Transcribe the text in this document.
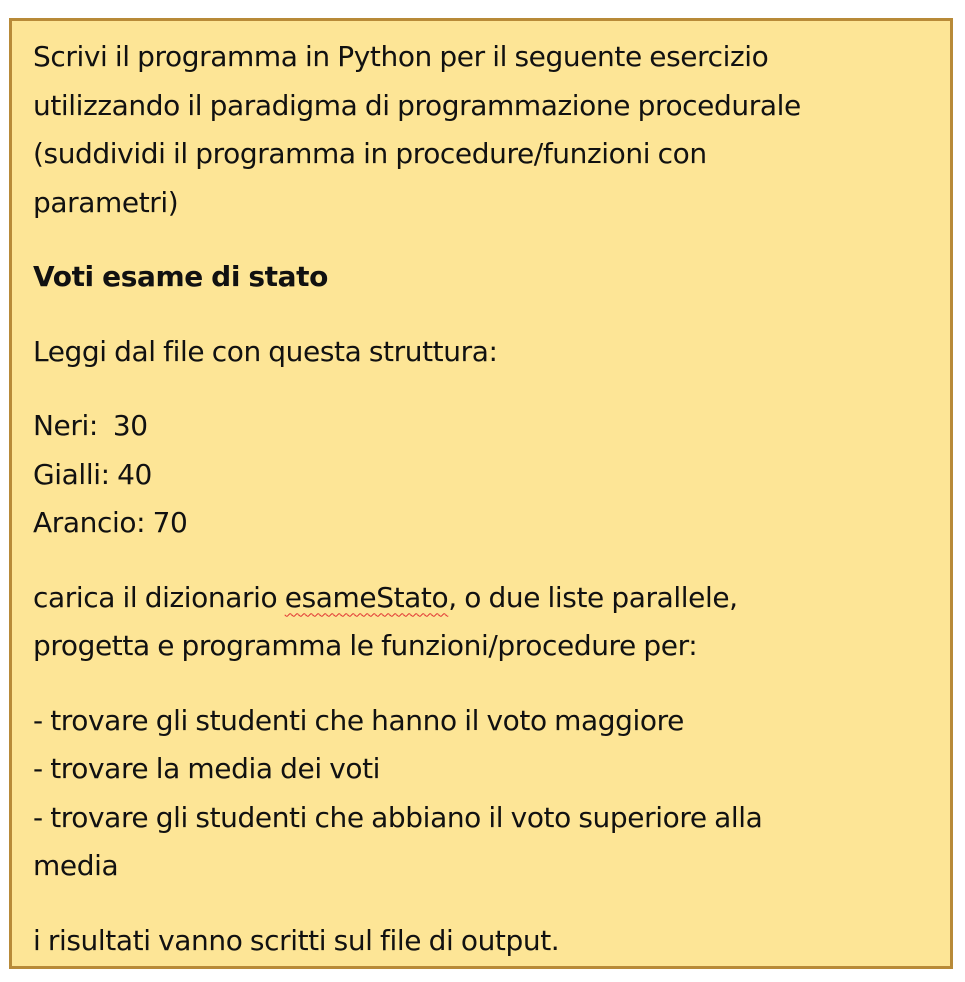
Scrivi il programma in Python per il seguente esercizio
utilizzando il paradigma di programmazione procedurale
(suddividi il programma in procedure/funzioni con
parametri)
Voti esame di stato
Leggi dal file con questa struttura:
Neri:  30
Gialli: 40
Arancio: 70
carica il dizionario esameStato, o due liste parallele,
progetta e programma le funzioni/procedure per:
- trovare gli studenti che hanno il voto maggiore
- trovare la media dei voti
- trovare gli studenti che abbiano il voto superiore alla
media
i risultati vanno scritti sul file di output.
